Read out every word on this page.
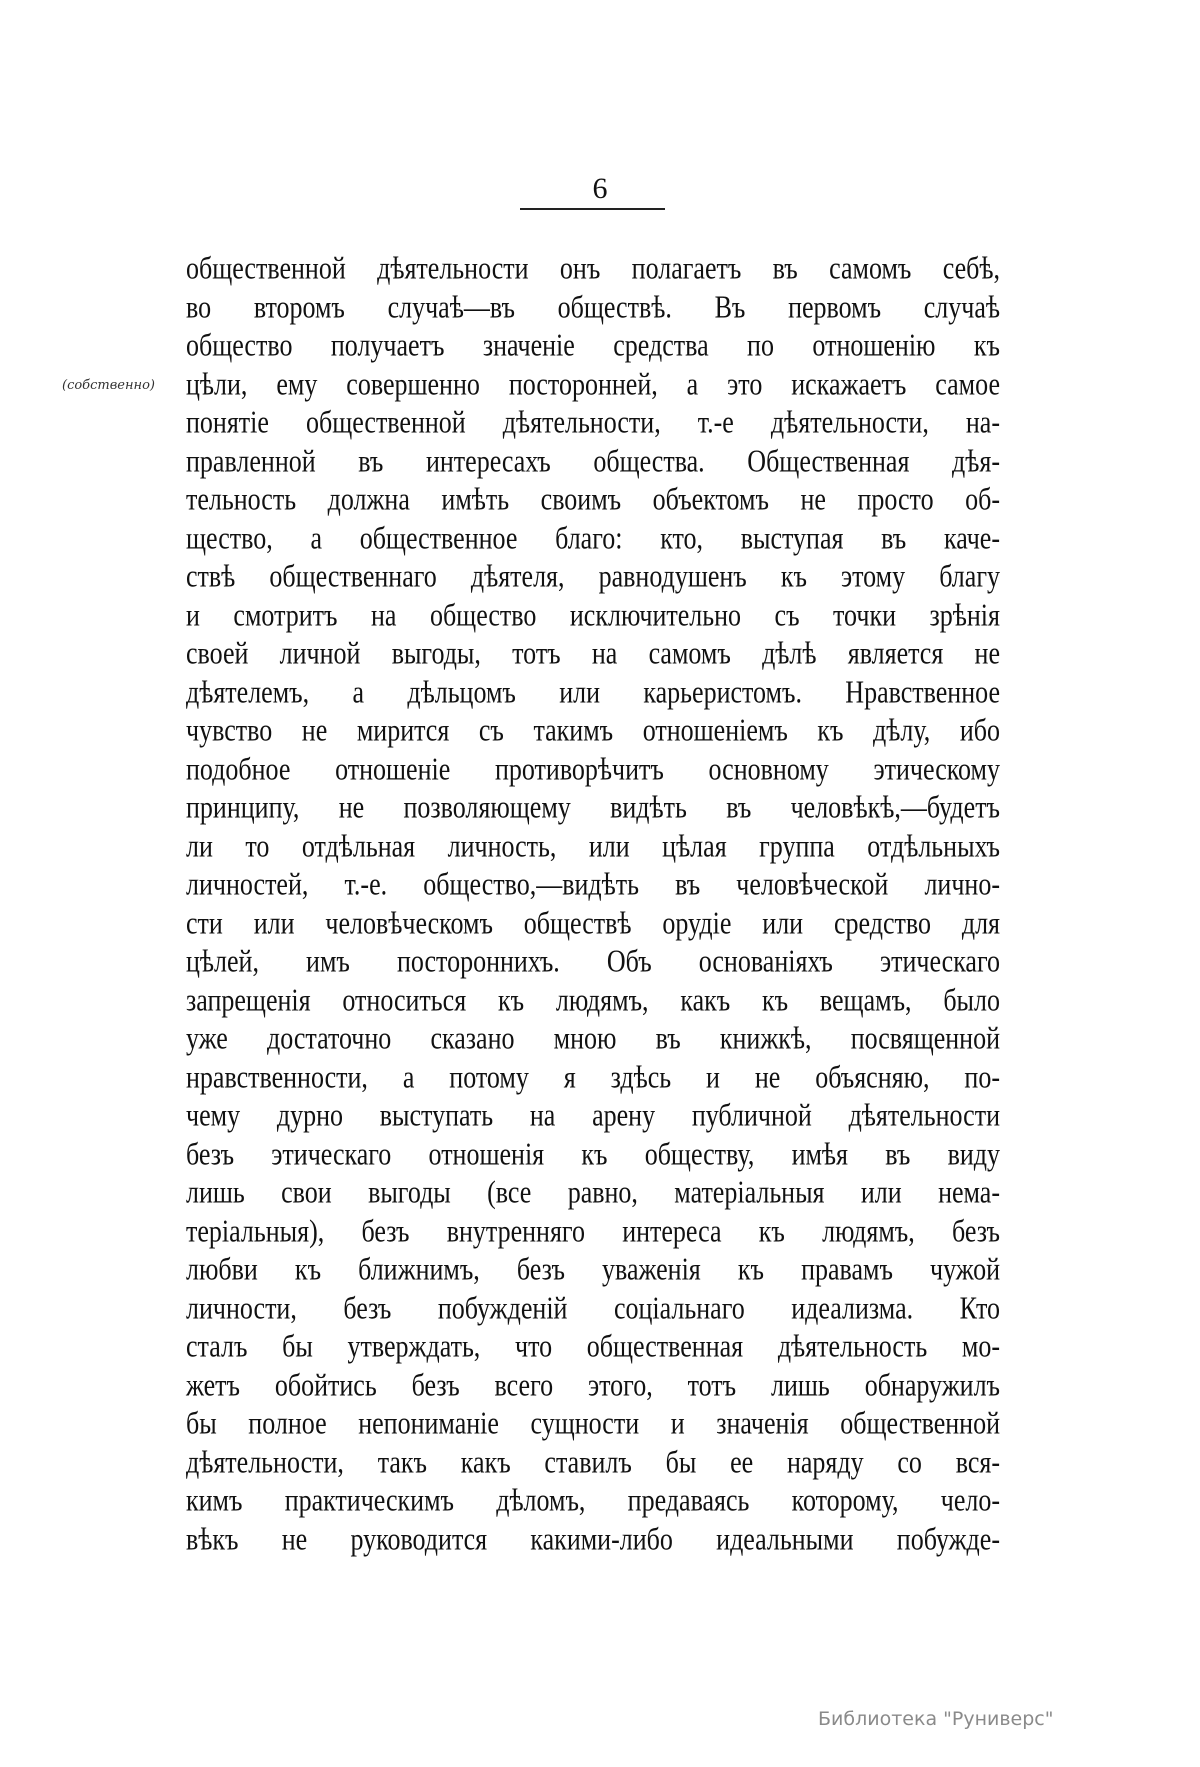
6
(собственно)
общественной дѣятельности онъ полагаетъ въ самомъ себѣ,
во второмъ случаѣ—въ обществѣ. Въ первомъ случаѣ
общество получаетъ значенiе средства по отношенiю къ
цѣли, ему совершенно посторонней, а это искажаетъ самое
понятiе общественной дѣятельности, т.-е дѣятельности, на-
правленной въ интересахъ общества. Общественная дѣя-
тельность должна имѣть своимъ объектомъ не просто об-
щество, а общественное благо: кто, выступая въ каче-
ствѣ общественнаго дѣятеля, равнодушенъ къ этому благу
и смотритъ на общество исключительно съ точки зрѣнiя
своей личной выгоды, тотъ на самомъ дѣлѣ является не
дѣятелемъ, а дѣльцомъ или карьеристомъ. Нравственное
чувство не мирится съ такимъ отношенiемъ къ дѣлу, ибо
подобное отношенiе противорѣчитъ основному этическому
принципу, не позволяющему видѣть въ человѣкѣ,—будетъ
ли то отдѣльная личность, или цѣлая группа отдѣльныхъ
личностей, т.-е. общество,—видѣть въ человѣческой лично-
сти или человѣческомъ обществѣ орудiе или средство для
цѣлей, имъ постороннихъ. Объ основанiяхъ этическаго
запрещенiя относиться къ людямъ, какъ къ вещамъ, было
уже достаточно сказано мною въ книжкѣ, посвященной
нравственности, а потому я здѣсь и не объясняю, по-
чему дурно выступать на арену публичной дѣятельности
безъ этическаго отношенiя къ обществу, имѣя въ виду
лишь свои выгоды (все равно, матерiальныя или нема-
терiальныя), безъ внутренняго интереса къ людямъ, безъ
любви къ ближнимъ, безъ уваженiя къ правамъ чужой
личности, безъ побужденiй соцiальнаго идеализма. Кто
сталъ бы утверждать, что общественная дѣятельность мо-
жетъ обойтись безъ всего этого, тотъ лишь обнаружилъ
бы полное непониманiе сущности и значенiя общественной
дѣятельности, такъ какъ ставилъ бы ее наряду со вся-
кимъ практическимъ дѣломъ, предаваясь которому, чело-
вѣкъ не руководится какими-либо идеальными побужде-
Библиотека "Руниверс"
